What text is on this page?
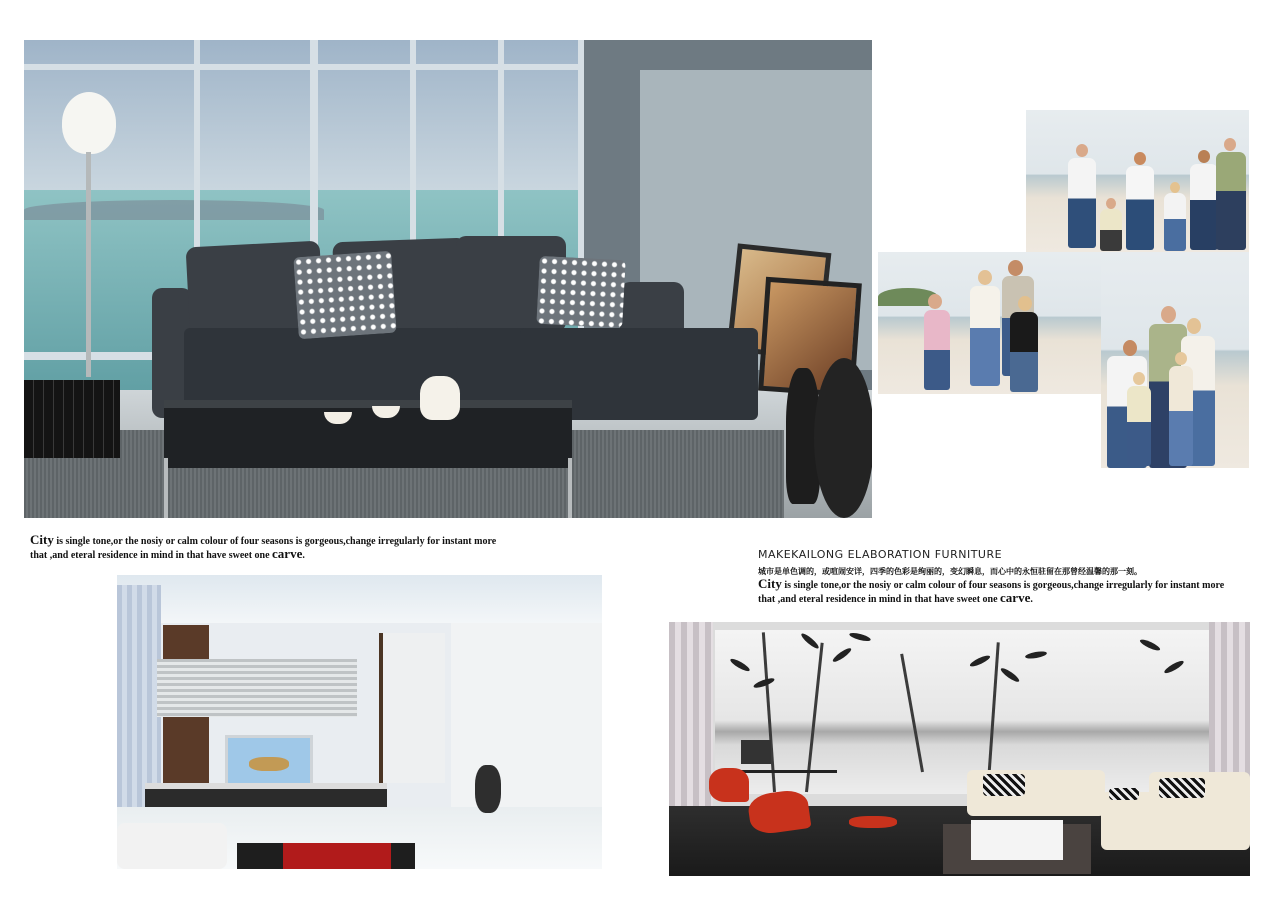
City is single tone,or the nosiy or calm colour of four seasons is gorgeous,change irregularly for instant more that ,and eteral residence in mind in that have sweet one carve.	MAKEKAILONG ELABORATION FURNITURE
城市是单色调的，或喧闹安详，四季的色彩是绚丽的，变幻瞬息，而心中的永恒驻留在那曾经温馨的那一刻。
City is single tone,or the nosiy or calm colour of four seasons is gorgeous,change irregularly for instant more that ,and eteral residence in mind in that have sweet one carve.
